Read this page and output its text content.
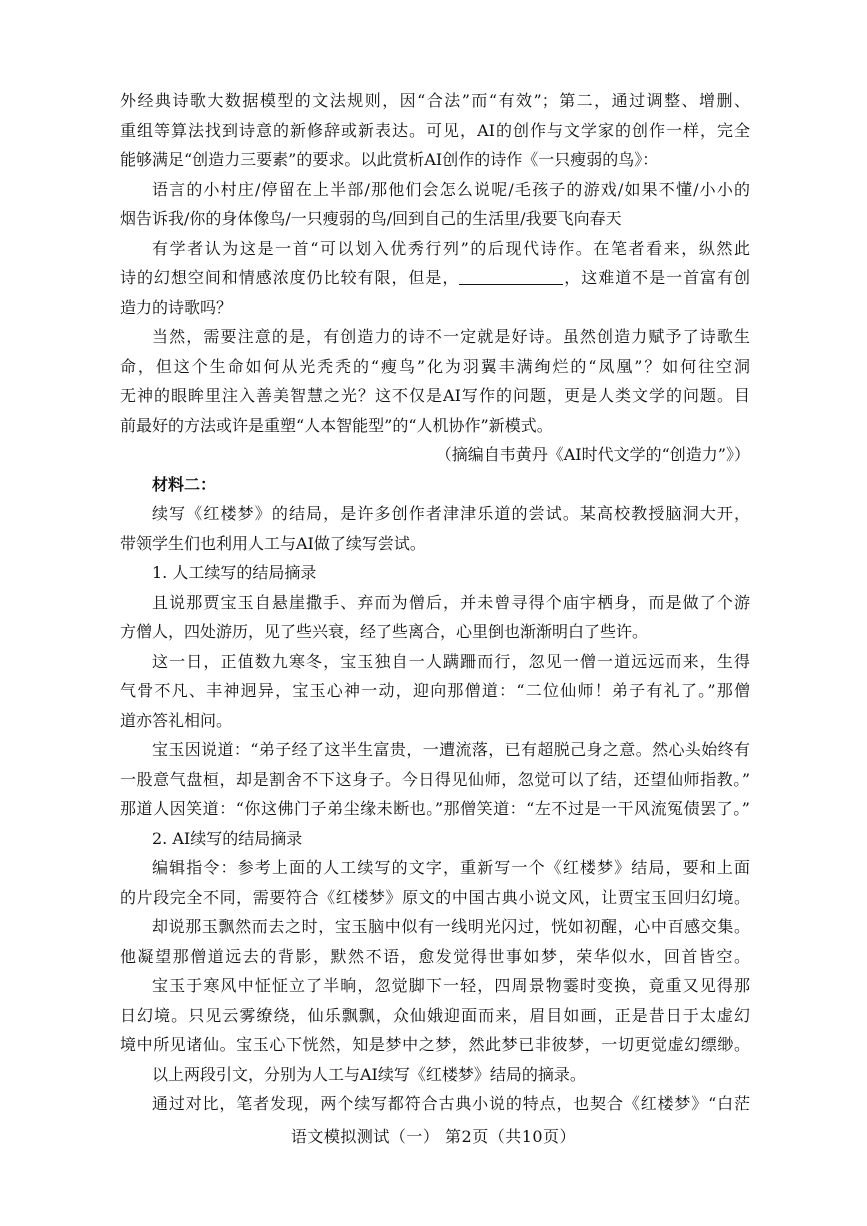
外经典诗歌大数据模型的文法规则，因“合法”而“有效”；第二，通过调整、增删、
重组等算法找到诗意的新修辞或新表达。可见，AI的创作与文学家的创作一样，完全
能够满足“创造力三要素”的要求。以此赏析AI创作的诗作《一只瘦弱的鸟》：
语言的小村庄/停留在上半部/那他们会怎么说呢/毛孩子的游戏/如果不懂/小小的
烟告诉我/你的身体像鸟/一只瘦弱的鸟/回到自己的生活里/我要飞向春天
有学者认为这是一首“可以划入优秀行列”的后现代诗作。在笔者看来，纵然此
诗的幻想空间和情感浓度仍比较有限，但是，	，这难道不是一首富有创
造力的诗歌吗？
当然，需要注意的是，有创造力的诗不一定就是好诗。虽然创造力赋予了诗歌生
命，但这个生命如何从光秃秃的“瘦鸟”化为羽翼丰满绚烂的“凤凰”？如何往空洞
无神的眼眸里注入善美智慧之光？这不仅是AI写作的问题，更是人类文学的问题。目
前最好的方法或许是重塑“人本智能型”的“人机协作”新模式。
（摘编自韦黄丹《AI时代文学的“创造力”》）
材料二：
续写《红楼梦》的结局，是许多创作者津津乐道的尝试。某高校教授脑洞大开，
带领学生们也利用人工与AI做了续写尝试。
1. 人工续写的结局摘录
且说那贾宝玉自悬崖撒手、弃而为僧后，并未曾寻得个庙宇栖身，而是做了个游
方僧人，四处游历，见了些兴衰，经了些离合，心里倒也渐渐明白了些许。
这一日，正值数九寒冬，宝玉独自一人蹒跚而行，忽见一僧一道远远而来，生得
气骨不凡、丰神迥异，宝玉心神一动，迎向那僧道：“二位仙师！弟子有礼了。”那僧
道亦答礼相问。
宝玉因说道：“弟子经了这半生富贵，一遭流落，已有超脱己身之意。然心头始终有
一股意气盘桓，却是割舍不下这身子。今日得见仙师，忽觉可以了结，还望仙师指教。”
那道人因笑道：“你这佛门子弟尘缘未断也。”那僧笑道：“左不过是一干风流冤债罢了。”
2. AI续写的结局摘录
编辑指令：参考上面的人工续写的文字，重新写一个《红楼梦》结局，要和上面
的片段完全不同，需要符合《红楼梦》原文的中国古典小说文风，让贾宝玉回归幻境。
却说那玉飘然而去之时，宝玉脑中似有一线明光闪过，恍如初醒，心中百感交集。
他凝望那僧道远去的背影，默然不语，愈发觉得世事如梦，荣华似水，回首皆空。
宝玉于寒风中怔怔立了半晌，忽觉脚下一轻，四周景物霎时变换，竟重又见得那
日幻境。只见云雾缭绕，仙乐飘飘，众仙娥迎面而来，眉目如画，正是昔日于太虚幻
境中所见诸仙。宝玉心下恍然，知是梦中之梦，然此梦已非彼梦，一切更觉虚幻缥缈。
以上两段引文，分别为人工与AI续写《红楼梦》结局的摘录。
通过对比，笔者发现，两个续写都符合古典小说的特点，也契合《红楼梦》“白茫
语文模拟测试（一） 第2页（共10页）
